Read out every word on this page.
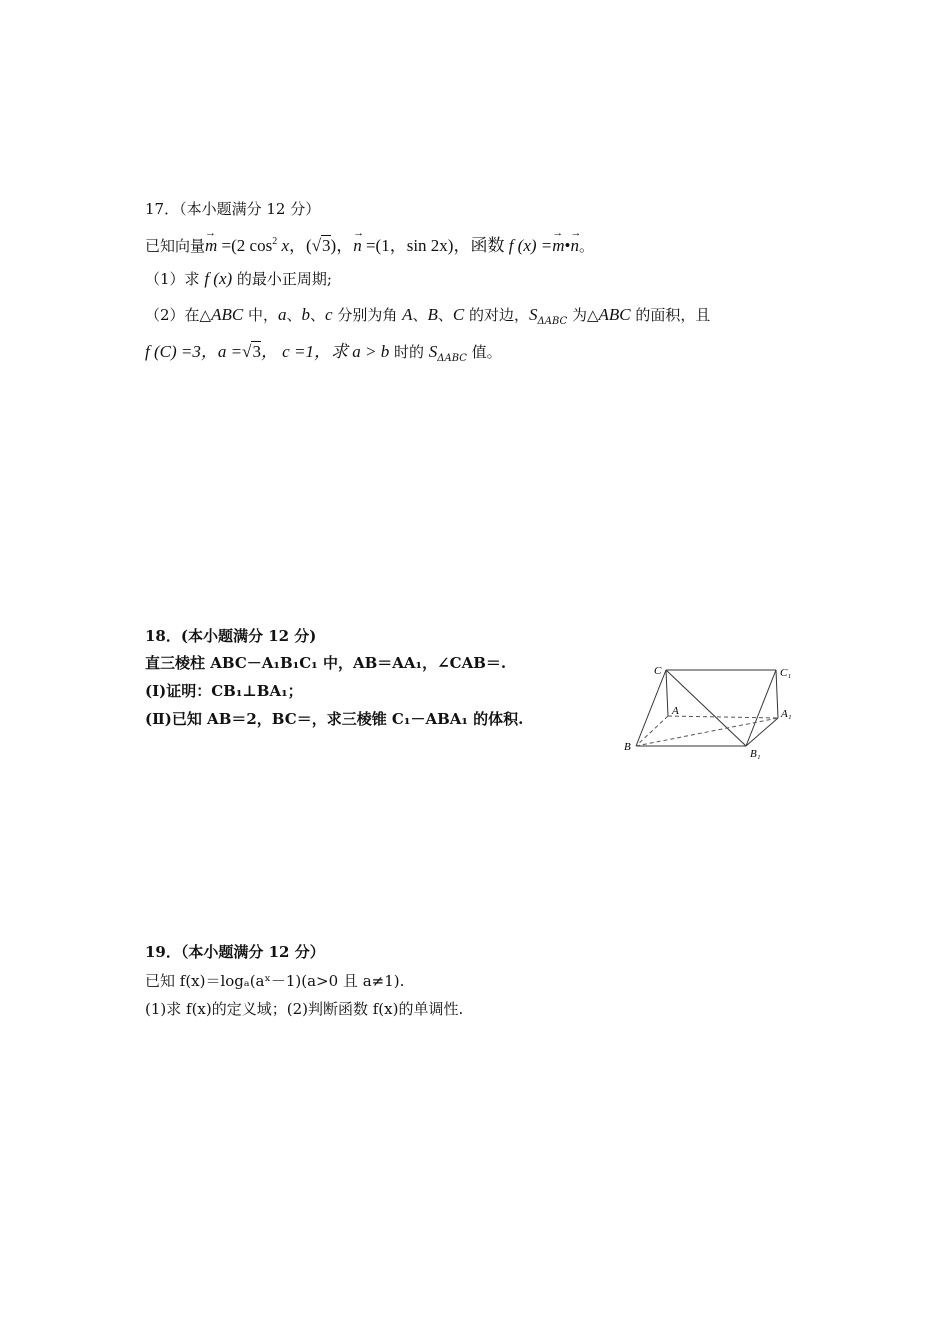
17．（本小题满分 12 分）
已知向量→ m =(2 $\cos^2 x$，(√3)，→ n =(1，sin 2x)，函数 f (x) =→ m•→ n。
（1）求 f (x) 的最小正周期;
（2）在△ABC 中，a、b、c 分别为角 A、B、C 的对边，$S_{\Delta ABC}$ 为△ABC 的面积，且
f (C) =3，a =√3， c =1，求 a > b 时的 $S_{\Delta ABC}$ 值。
18．(本小题满分 12 分)
直三棱柱 ABC－A₁B₁C₁ 中，AB＝AA₁，∠CAB＝.
(Ⅰ)证明：CB₁⊥BA₁；
(Ⅱ)已知 AB＝2，BC＝，求三棱锥 C₁－ABA₁ 的体积.
C	C₁
A	A₁
B
B₁
19．（本小题满分 12 分）
已知 f(x)＝logₐ(aˣ－1)(a>0 且 a≠1).
(1)求 f(x)的定义域；(2)判断函数 f(x)的单调性.
